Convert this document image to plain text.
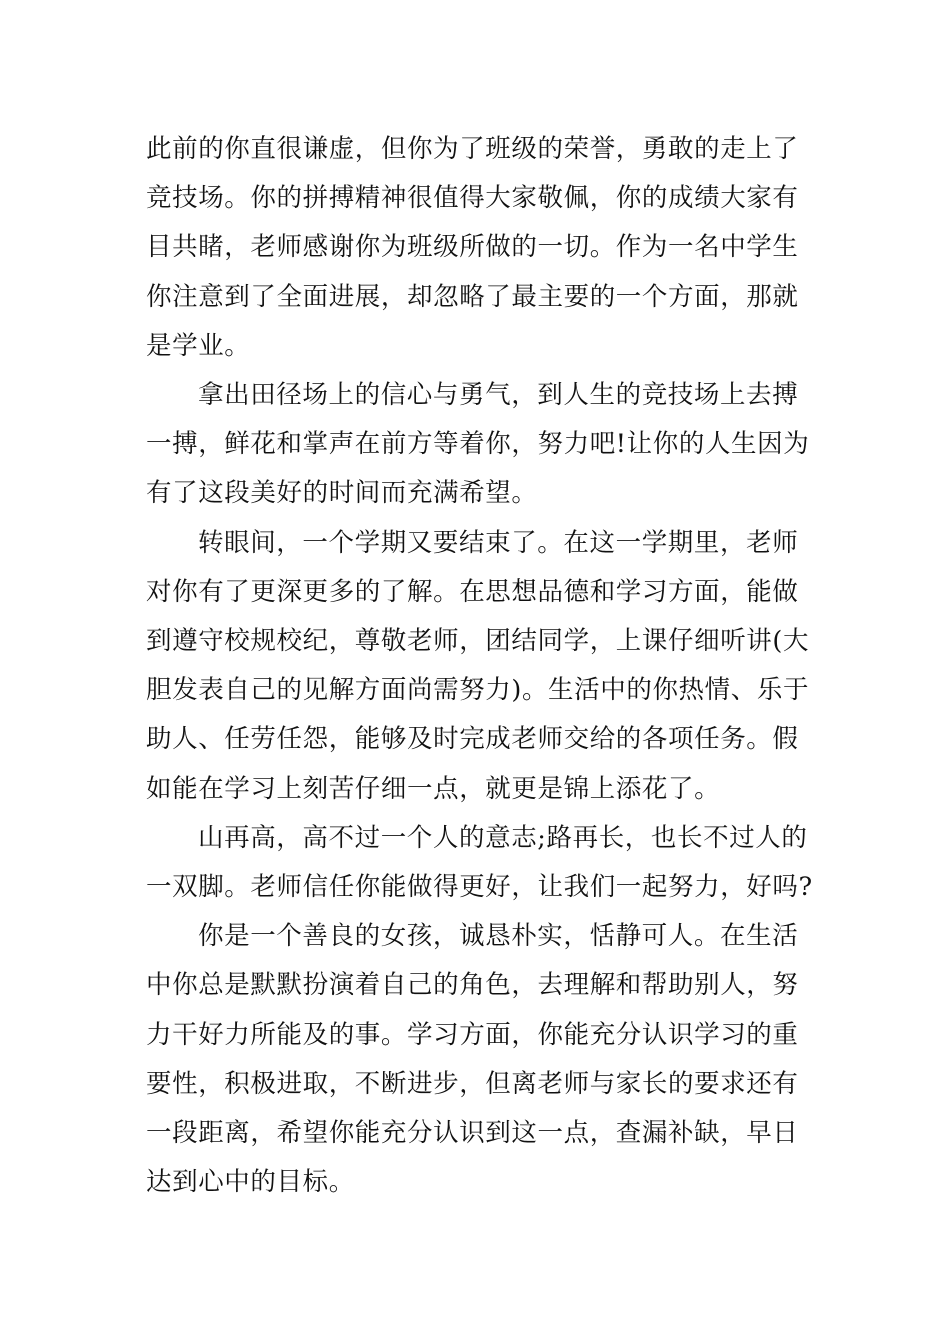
此前的你直很谦虚，但你为了班级的荣誉，勇敢的走上了
竞技场。你的拼搏精神很值得大家敬佩，你的成绩大家有
目共睹，老师感谢你为班级所做的一切。作为一名中学生
你注意到了全面进展，却忽略了最主要的一个方面，那就
是学业。

拿出田径场上的信心与勇气，到人生的竞技场上去搏
一搏，鲜花和掌声在前方等着你，努力吧!让你的人生因为
有了这段美好的时间而充满希望。

转眼间，一个学期又要结束了。在这一学期里，老师
对你有了更深更多的了解。在思想品德和学习方面，能做
到遵守校规校纪，尊敬老师，团结同学，上课仔细听讲(大
胆发表自己的见解方面尚需努力)。生活中的你热情、乐于
助人、任劳任怨，能够及时完成老师交给的各项任务。假
如能在学习上刻苦仔细一点，就更是锦上添花了。

山再高，高不过一个人的意志;路再长，也长不过人的
一双脚。老师信任你能做得更好，让我们一起努力，好吗?

你是一个善良的女孩，诚恳朴实，恬静可人。在生活
中你总是默默扮演着自己的角色，去理解和帮助别人，努
力干好力所能及的事。学习方面，你能充分认识学习的重
要性，积极进取，不断进步，但离老师与家长的要求还有
一段距离，希望你能充分认识到这一点，查漏补缺，早日
达到心中的目标。
